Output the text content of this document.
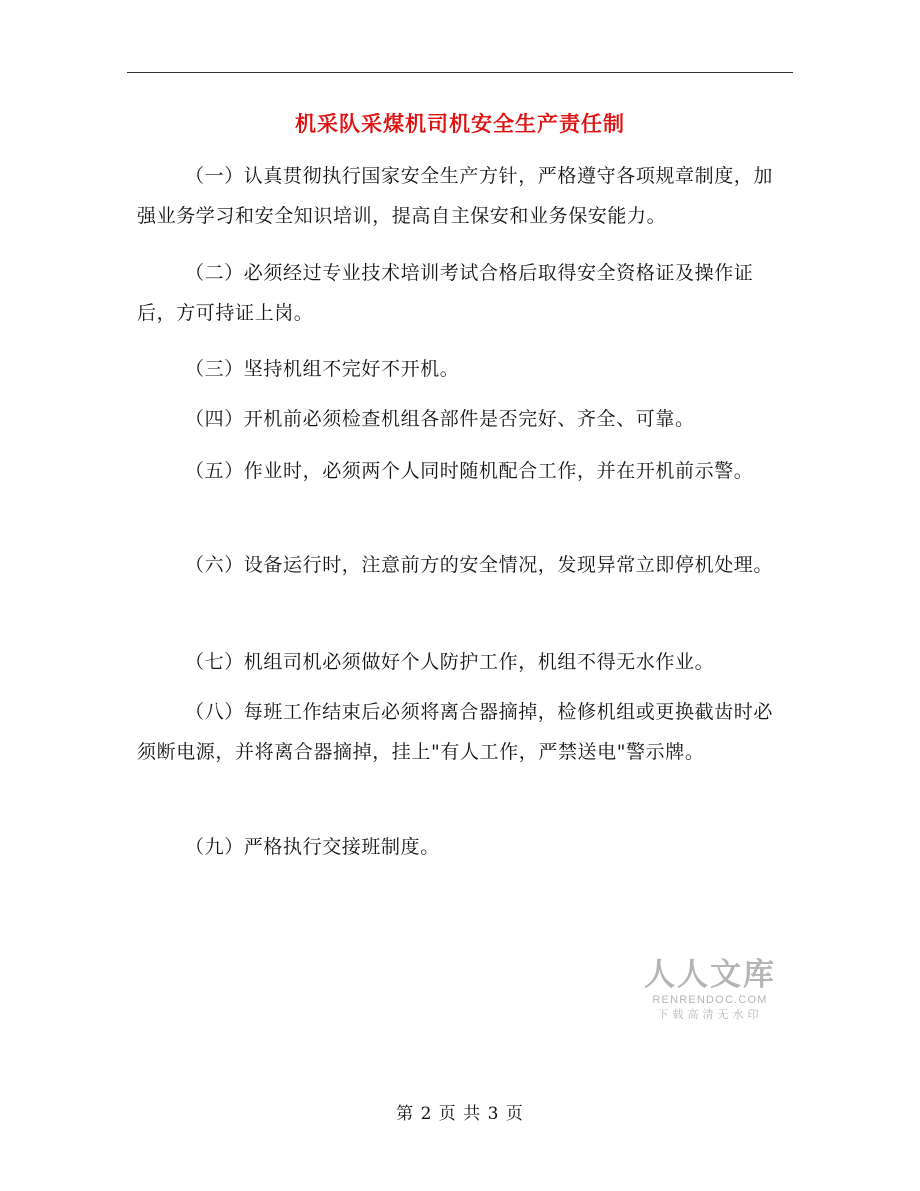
机采队采煤机司机安全生产责任制

（一）认真贯彻执行国家安全生产方针，严格遵守各项规章制度，加强业务学习和安全知识培训，提高自主保安和业务保安能力。

（二）必须经过专业技术培训考试合格后取得安全资格证及操作证后，方可持证上岗。

（三）坚持机组不完好不开机。

（四）开机前必须检查机组各部件是否完好、齐全、可靠。

（五）作业时，必须两个人同时随机配合工作，并在开机前示警。

（六）设备运行时，注意前方的安全情况，发现异常立即停机处理。

（七）机组司机必须做好个人防护工作，机组不得无水作业。

（八）每班工作结束后必须将离合器摘掉，检修机组或更换截齿时必须断电源，并将离合器摘掉，挂上"有人工作，严禁送电"警示牌。

（九）严格执行交接班制度。

人人文库
RENRENDOC.COM
下载高清无水印
第 2 页 共 3 页
